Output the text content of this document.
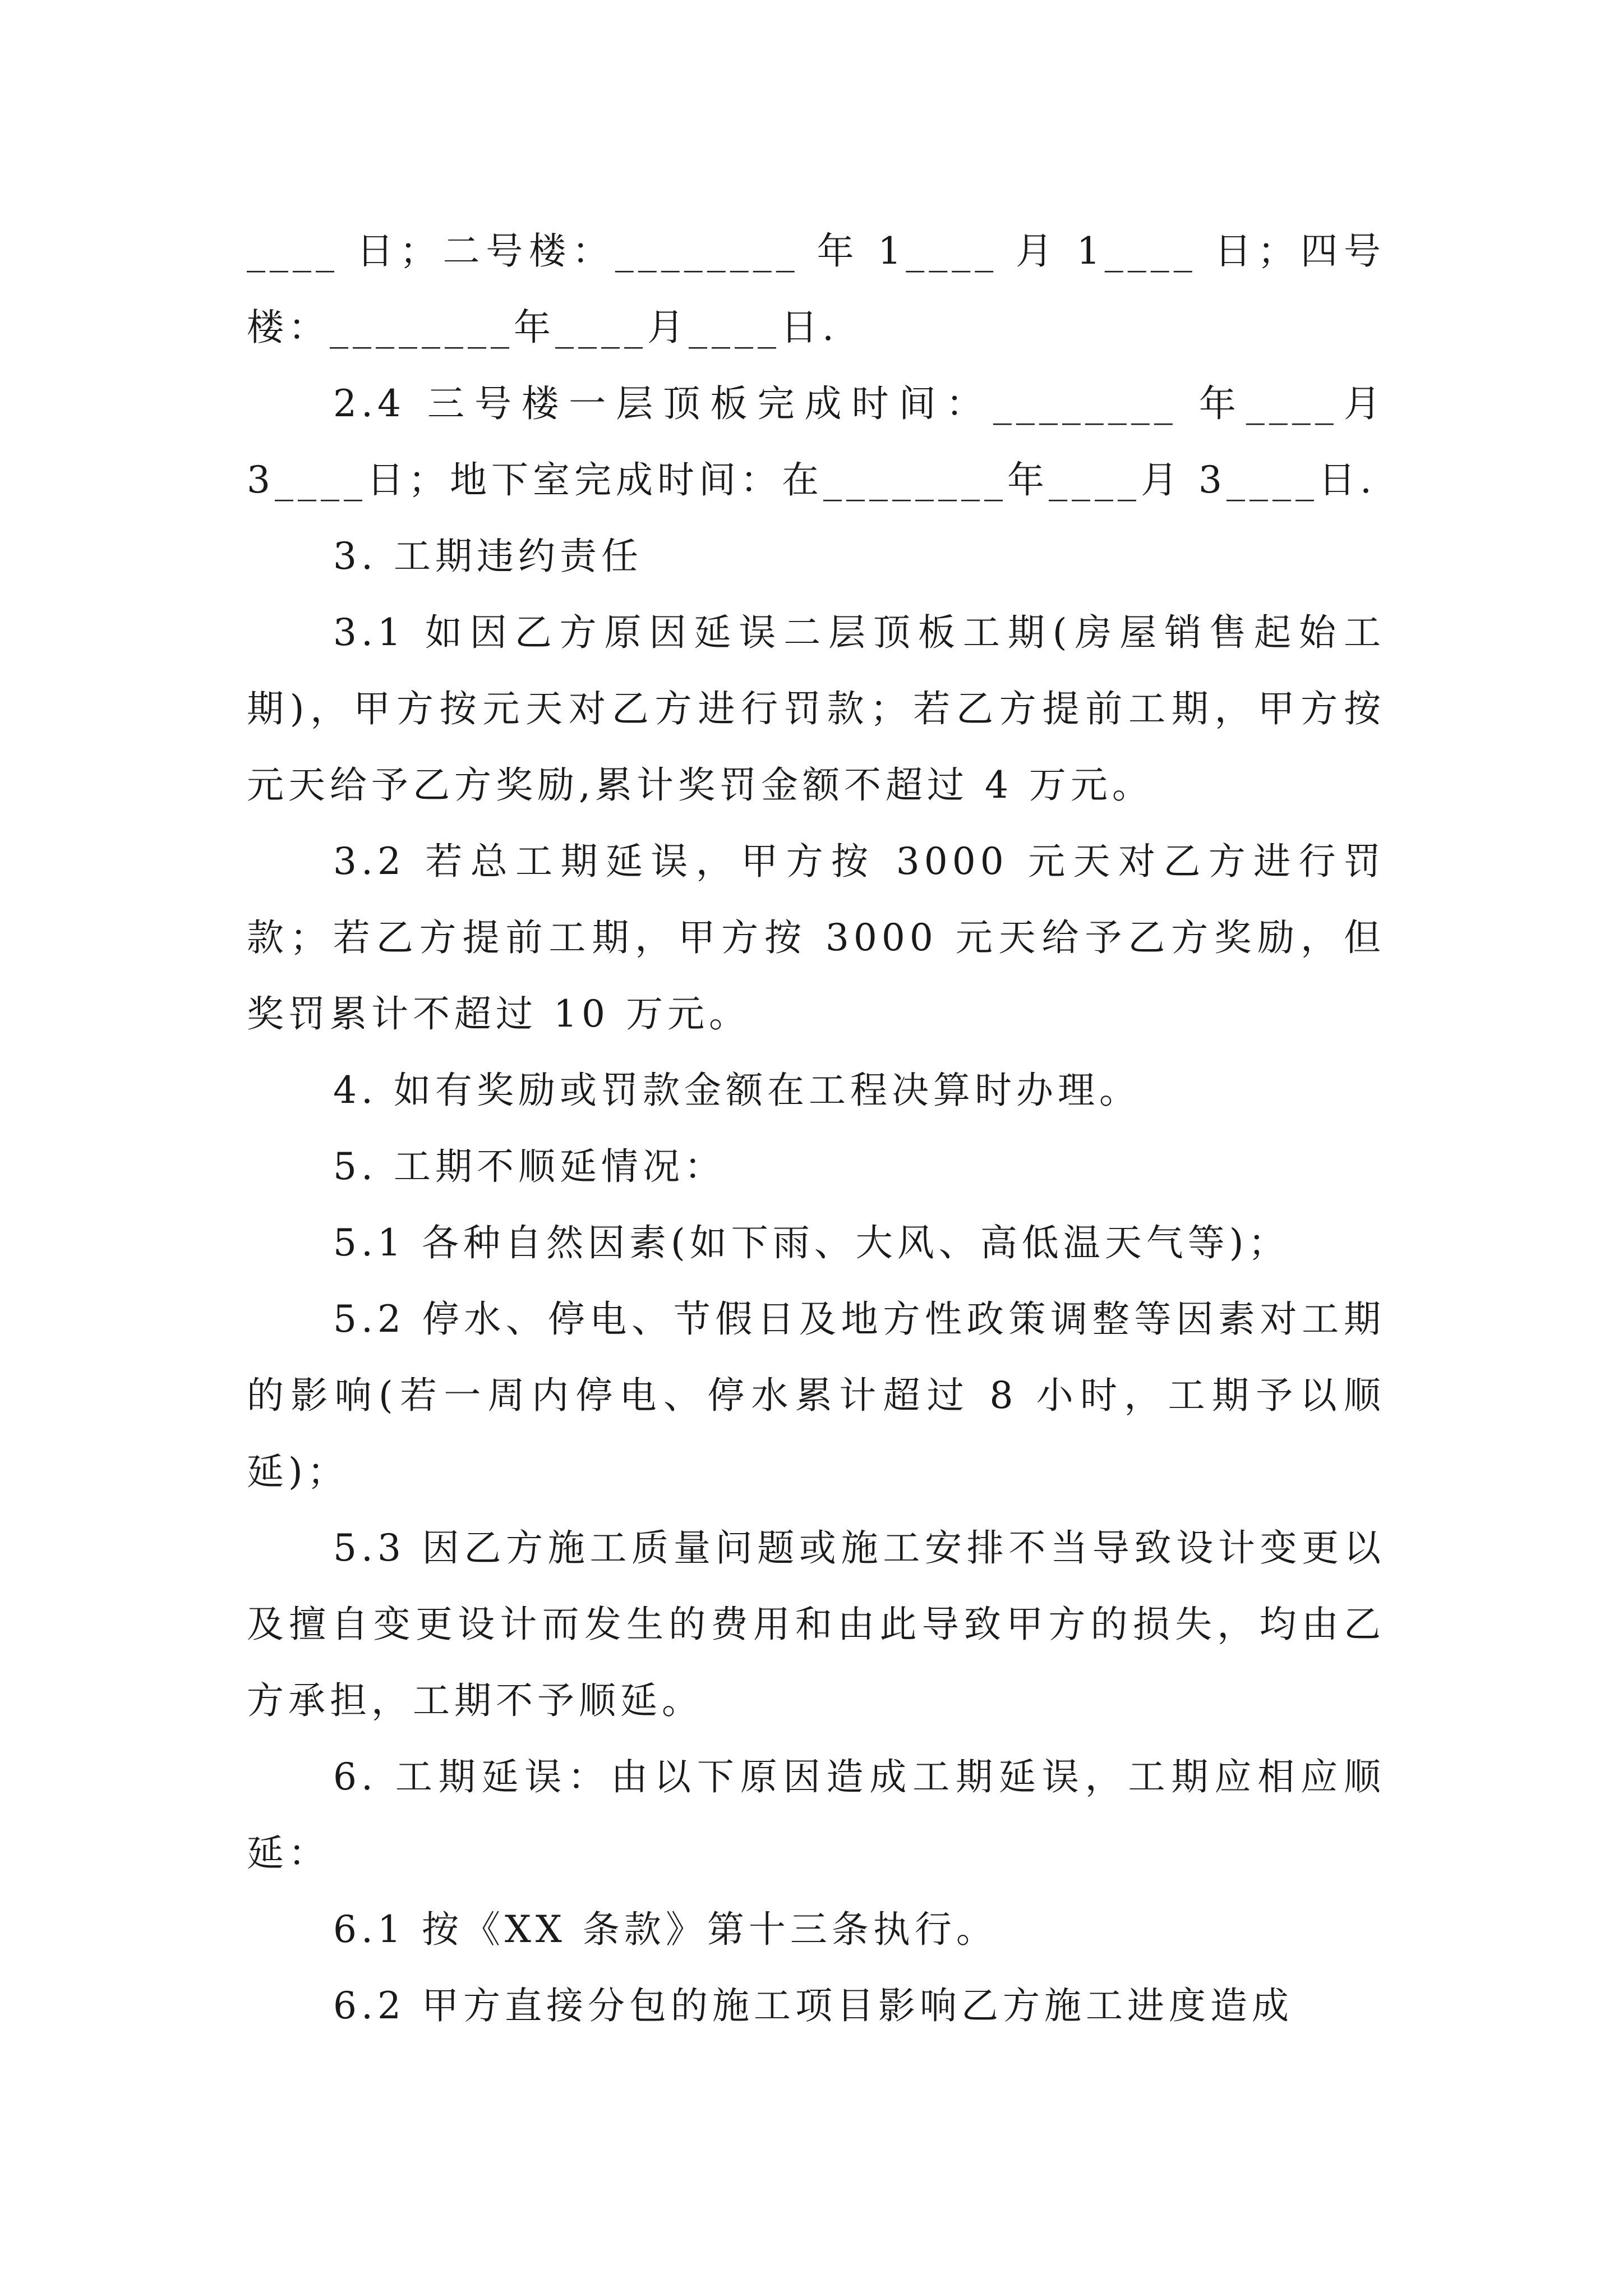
____ 日；二号楼：________ 年 1____ 月 1____ 日；四号楼：________年____月____日.

2.4 三号楼一层顶板完成时间：________ 年____月 3____日；地下室完成时间：在________年____月 3____日.

3. 工期违约责任

3.1 如因乙方原因延误二层顶板工期(房屋销售起始工期)，甲方按元天对乙方进行罚款；若乙方提前工期，甲方按元天给予乙方奖励,累计奖罚金额不超过 4 万元。

3.2 若总工期延误，甲方按 3000 元天对乙方进行罚款；若乙方提前工期，甲方按 3000 元天给予乙方奖励，但奖罚累计不超过 10 万元。

4. 如有奖励或罚款金额在工程决算时办理。

5. 工期不顺延情况：

5.1 各种自然因素(如下雨、大风、高低温天气等)；

5.2 停水、停电、节假日及地方性政策调整等因素对工期的影响(若一周内停电、停水累计超过 8 小时，工期予以顺延)；

5.3 因乙方施工质量问题或施工安排不当导致设计变更以及擅自变更设计而发生的费用和由此导致甲方的损失，均由乙方承担，工期不予顺延。

6. 工期延误：由以下原因造成工期延误，工期应相应顺延：

6.1 按《XX 条款》第十三条执行。

6.2 甲方直接分包的施工项目影响乙方施工进度造成
